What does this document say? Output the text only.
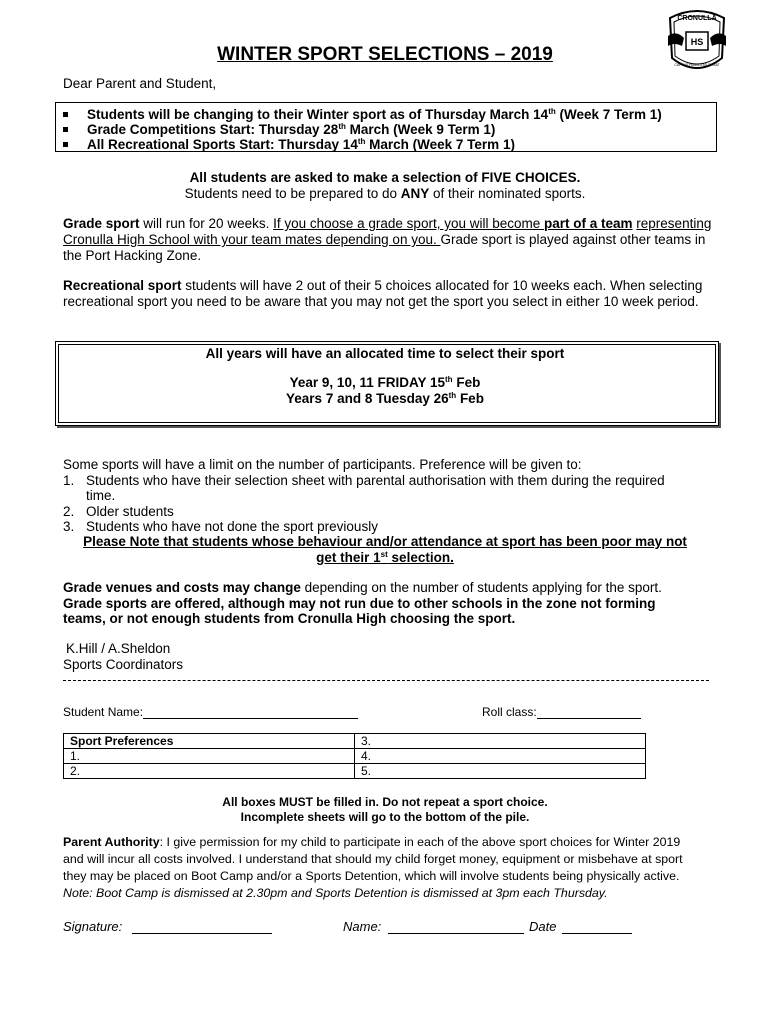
CRONULLA
HS
CAPTUS HUMILITAS ORNAT
WINTER SPORT SELECTIONS – 2019
Dear Parent and Student,
Students will be changing to their Winter sport as of Thursday March 14th (Week 7 Term 1)
Grade Competitions Start: Thursday 28th March (Week 9 Term 1)
All Recreational Sports Start: Thursday 14th March (Week 7 Term 1)
All students are asked to make a selection of FIVE CHOICES.
Students need to be prepared to do ANY of their nominated sports.
Grade sport will run for 20 weeks. If you choose a grade sport, you will become part of a team representing Cronulla High School with your team mates depending on you. Grade sport is played against other teams in the Port Hacking Zone.
Recreational sport students will have 2 out of their 5 choices allocated for 10 weeks each. When selecting recreational sport you need to be aware that you may not get the sport you select in either 10 week period.
All years will have an allocated time to select their sport
Year 9, 10, 11 FRIDAY 15th Feb
Years 7 and 8 Tuesday 26th Feb
Some sports will have a limit on the number of participants. Preference will be given to:
1. Students who have their selection sheet with parental authorisation with them during the required
time.
2. Older students
3. Students who have not done the sport previously
Please Note that students whose behaviour and/or attendance at sport has been poor may not
get their 1st selection.
Grade venues and costs may change depending on the number of students applying for the sport.
Grade sports are offered, although may not run due to other schools in the zone not forming
teams, or not enough students from Cronulla High choosing the sport.
K.Hill / A.Sheldon
Sports Coordinators
Student Name:	Roll class:
Sport Preferences	3.
1.	4.
2.	5.
All boxes MUST be filled in. Do not repeat a sport choice.
Incomplete sheets will go to the bottom of the pile.
Parent Authority: I give permission for my child to participate in each of the above sport choices for Winter 2019
and will incur all costs involved. I understand that should my child forget money, equipment or misbehave at sport
they may be placed on Boot Camp and/or a Sports Detention, which will involve students being physically active.
Note: Boot Camp is dismissed at 2.30pm and Sports Detention is dismissed at 3pm each Thursday.
Signature:	Name:	Date
